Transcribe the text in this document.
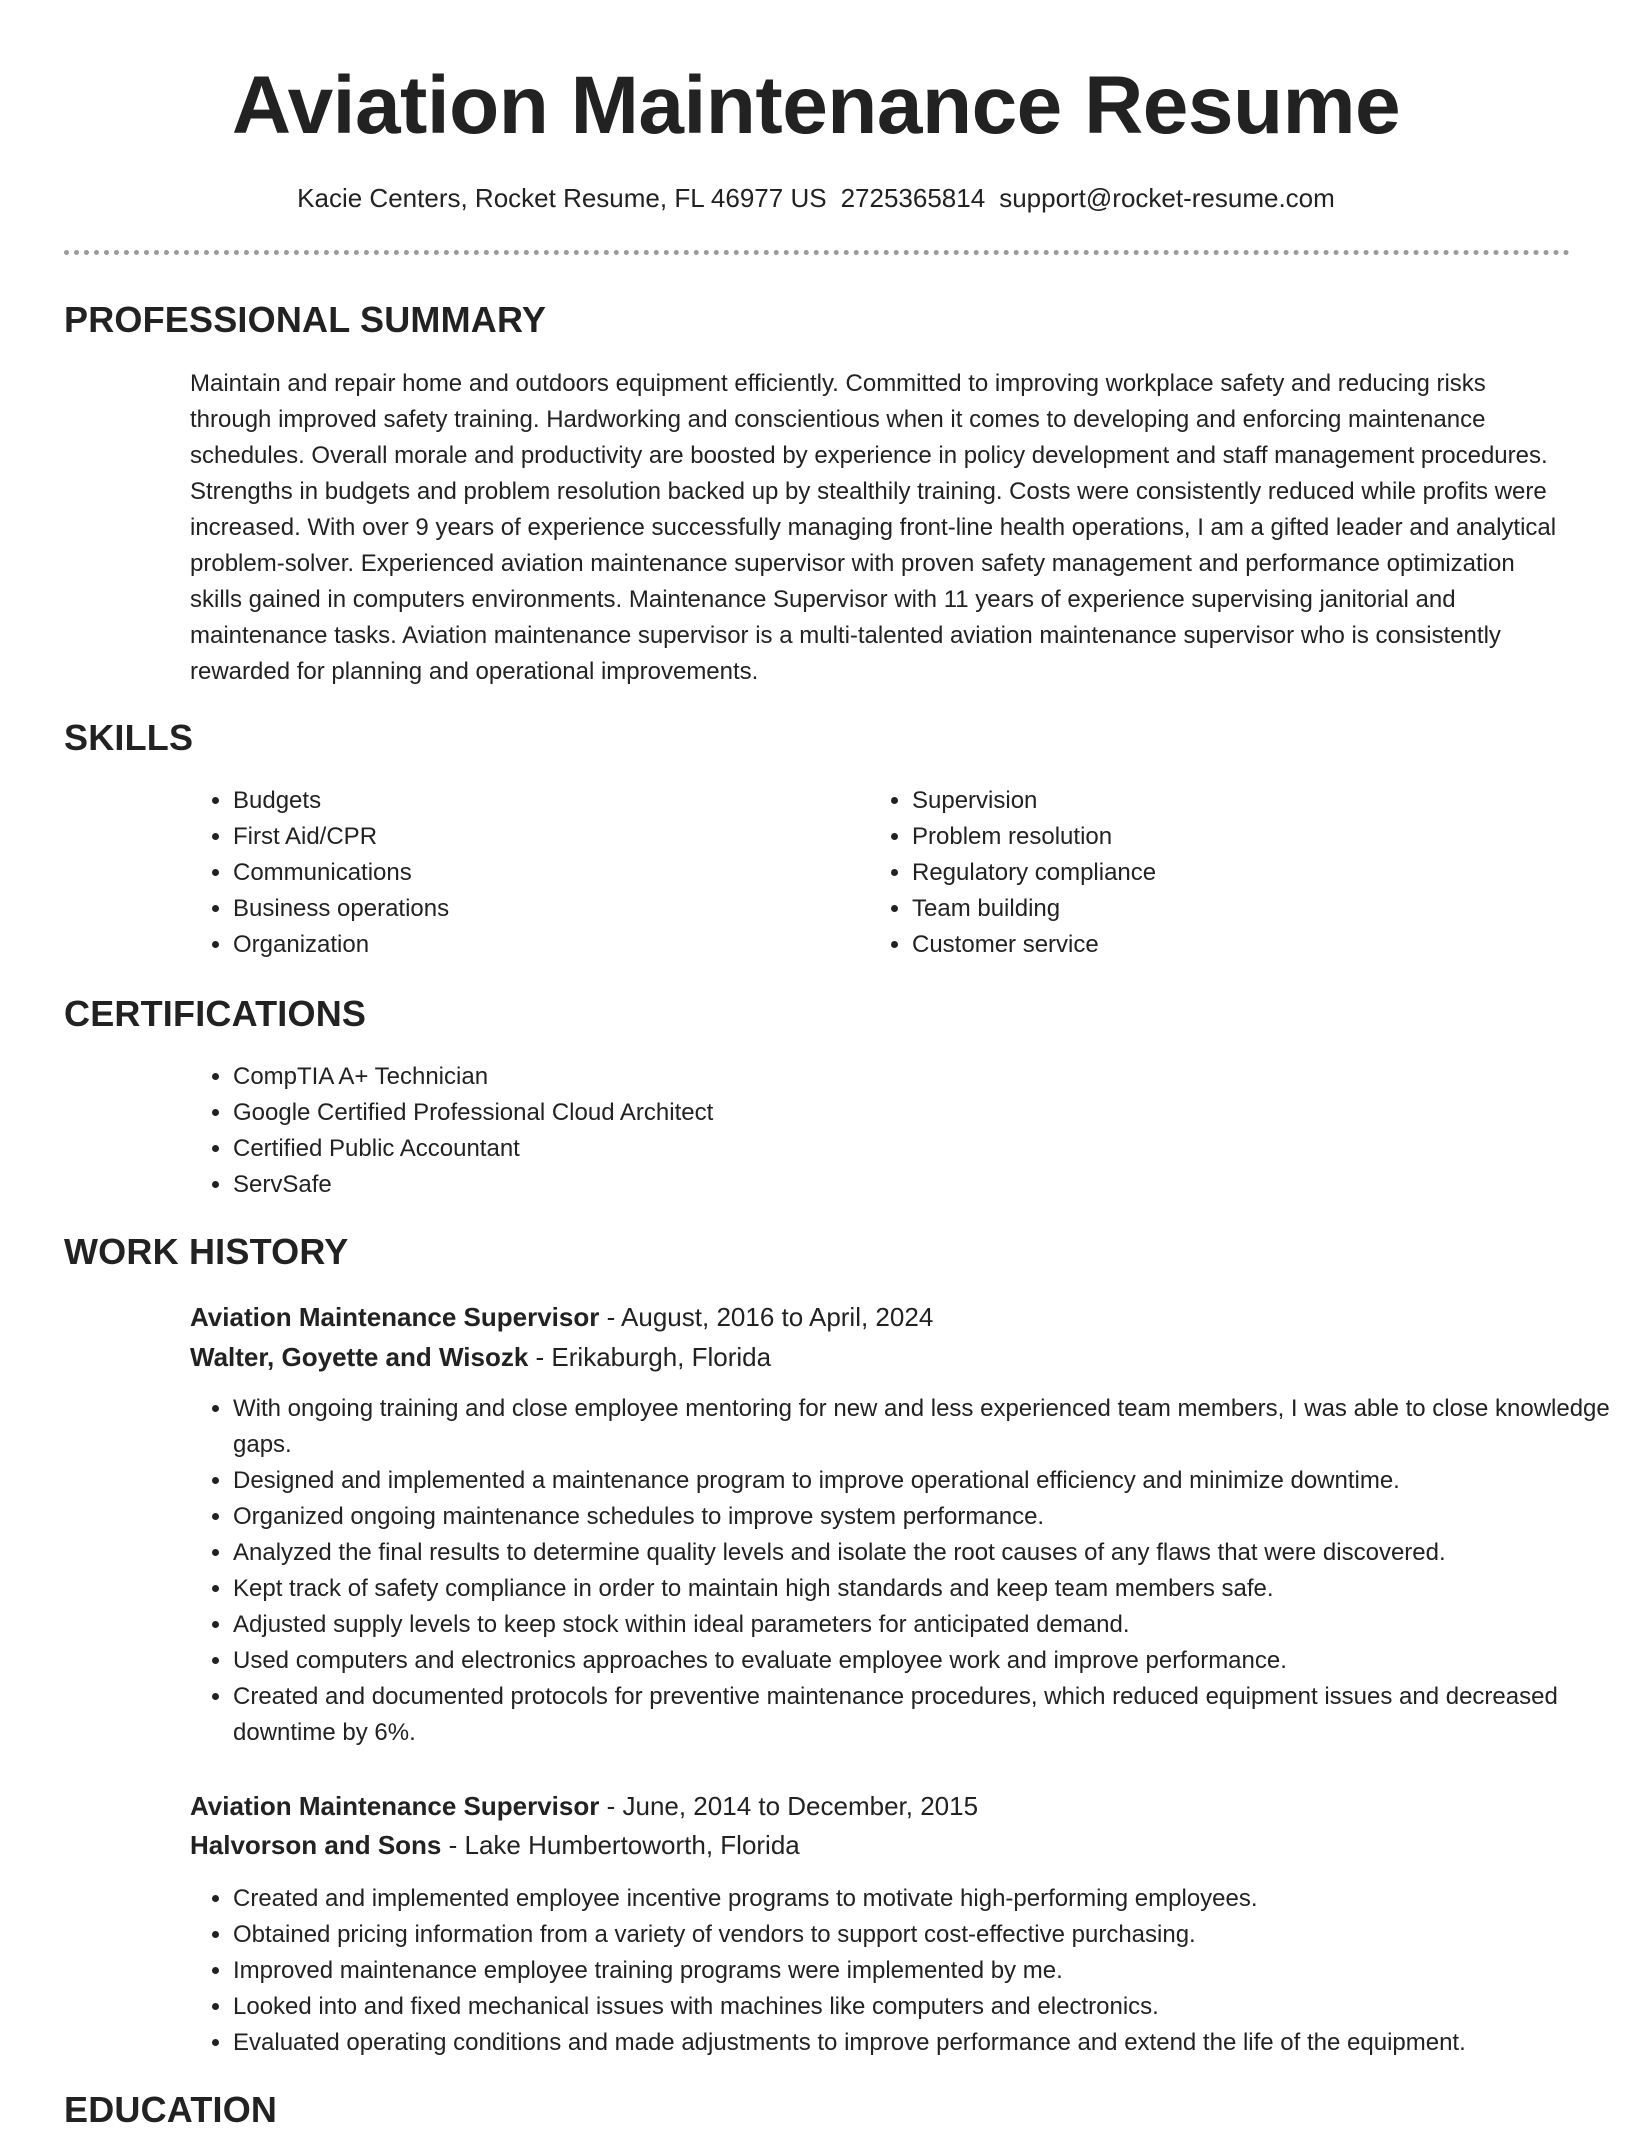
Aviation Maintenance Resume
Kacie Centers, Rocket Resume, FL 46977 US 2725365814 support@rocket-resume.com
PROFESSIONAL SUMMARY

Maintain and repair home and outdoors equipment efficiently. Committed to improving workplace safety and reducing risks through improved safety training. Hardworking and conscientious when it comes to developing and enforcing maintenance schedules. Overall morale and productivity are boosted by experience in policy development and staff management procedures. Strengths in budgets and problem resolution backed up by stealthily training. Costs were consistently reduced while profits were increased. With over 9 years of experience successfully managing front-line health operations, I am a gifted leader and analytical problem-solver. Experienced aviation maintenance supervisor with proven safety management and performance optimization skills gained in computers environments. Maintenance Supervisor with 11 years of experience supervising janitorial and maintenance tasks. Aviation maintenance supervisor is a multi-talented aviation maintenance supervisor who is consistently rewarded for planning and operational improvements.

SKILLS
• Budgets
• First Aid/CPR
• Communications
• Business operations
• Organization
• Supervision
• Problem resolution
• Regulatory compliance
• Team building
• Customer service
CERTIFICATIONS
• CompTIA A+ Technician
• Google Certified Professional Cloud Architect
• Certified Public Accountant
• ServSafe
WORK HISTORY
Aviation Maintenance Supervisor - August, 2016 to April, 2024
Walter, Goyette and Wisozk - Erikaburgh, Florida
• With ongoing training and close employee mentoring for new and less experienced team members, I was able to close knowledge gaps.
• Designed and implemented a maintenance program to improve operational efficiency and minimize downtime.
• Organized ongoing maintenance schedules to improve system performance.
• Analyzed the final results to determine quality levels and isolate the root causes of any flaws that were discovered.
• Kept track of safety compliance in order to maintain high standards and keep team members safe.
• Adjusted supply levels to keep stock within ideal parameters for anticipated demand.
• Used computers and electronics approaches to evaluate employee work and improve performance.
• Created and documented protocols for preventive maintenance procedures, which reduced equipment issues and decreased downtime by 6%.
Aviation Maintenance Supervisor - June, 2014 to December, 2015
Halvorson and Sons - Lake Humbertoworth, Florida
• Created and implemented employee incentive programs to motivate high-performing employees.
• Obtained pricing information from a variety of vendors to support cost-effective purchasing.
• Improved maintenance employee training programs were implemented by me.
• Looked into and fixed mechanical issues with machines like computers and electronics.
• Evaluated operating conditions and made adjustments to improve performance and extend the life of the equipment.
EDUCATION
